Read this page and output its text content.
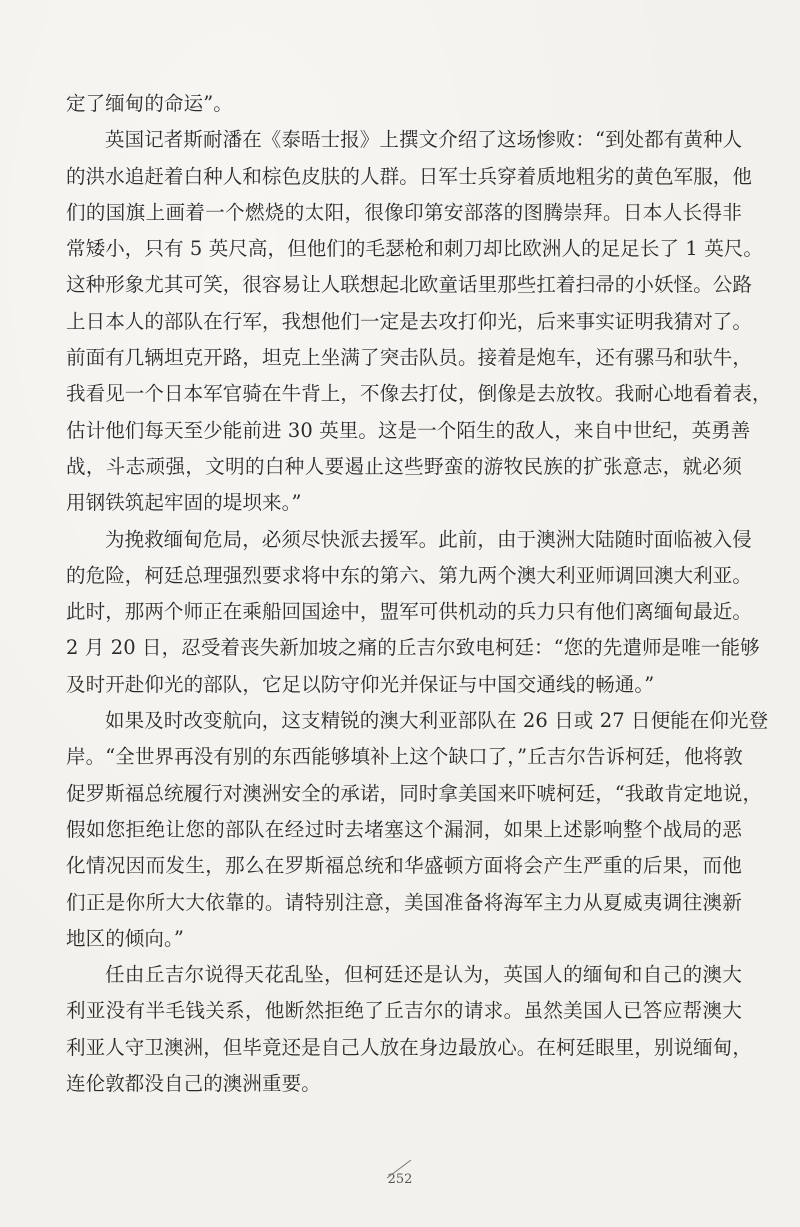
定了缅甸的命运”。
英国记者斯耐潘在《泰晤士报》上撰文介绍了这场惨败：“到处都有黄种人
的洪水追赶着白种人和棕色皮肤的人群。日军士兵穿着质地粗劣的黄色军服，他
们的国旗上画着一个燃烧的太阳，很像印第安部落的图腾崇拜。日本人长得非
常矮小，只有 5 英尺高，但他们的毛瑟枪和刺刀却比欧洲人的足足长了 1 英尺。
这种形象尤其可笑，很容易让人联想起北欧童话里那些扛着扫帚的小妖怪。公路
上日本人的部队在行军，我想他们一定是去攻打仰光，后来事实证明我猜对了。
前面有几辆坦克开路，坦克上坐满了突击队员。接着是炮车，还有骡马和驮牛，
我看见一个日本军官骑在牛背上，不像去打仗，倒像是去放牧。我耐心地看着表，
估计他们每天至少能前进 30 英里。这是一个陌生的敌人，来自中世纪，英勇善
战，斗志顽强，文明的白种人要遏止这些野蛮的游牧民族的扩张意志，就必须
用钢铁筑起牢固的堤坝来。”
为挽救缅甸危局，必须尽快派去援军。此前，由于澳洲大陆随时面临被入侵
的危险，柯廷总理强烈要求将中东的第六、第九两个澳大利亚师调回澳大利亚。
此时，那两个师正在乘船回国途中，盟军可供机动的兵力只有他们离缅甸最近。
2 月 20 日，忍受着丧失新加坡之痛的丘吉尔致电柯廷：“您的先遣师是唯一能够
及时开赴仰光的部队，它足以防守仰光并保证与中国交通线的畅通。”
如果及时改变航向，这支精锐的澳大利亚部队在 26 日或 27 日便能在仰光登
岸。“全世界再没有别的东西能够填补上这个缺口了，”丘吉尔告诉柯廷，他将敦
促罗斯福总统履行对澳洲安全的承诺，同时拿美国来吓唬柯廷，“我敢肯定地说，
假如您拒绝让您的部队在经过时去堵塞这个漏洞，如果上述影响整个战局的恶
化情况因而发生，那么在罗斯福总统和华盛顿方面将会产生严重的后果，而他
们正是你所大大依靠的。请特别注意，美国准备将海军主力从夏威夷调往澳新
地区的倾向。”
任由丘吉尔说得天花乱坠，但柯廷还是认为，英国人的缅甸和自己的澳大
利亚没有半毛钱关系，他断然拒绝了丘吉尔的请求。虽然美国人已答应帮澳大
利亚人守卫澳洲，但毕竟还是自己人放在身边最放心。在柯廷眼里，别说缅甸，
连伦敦都没自己的澳洲重要。
252
